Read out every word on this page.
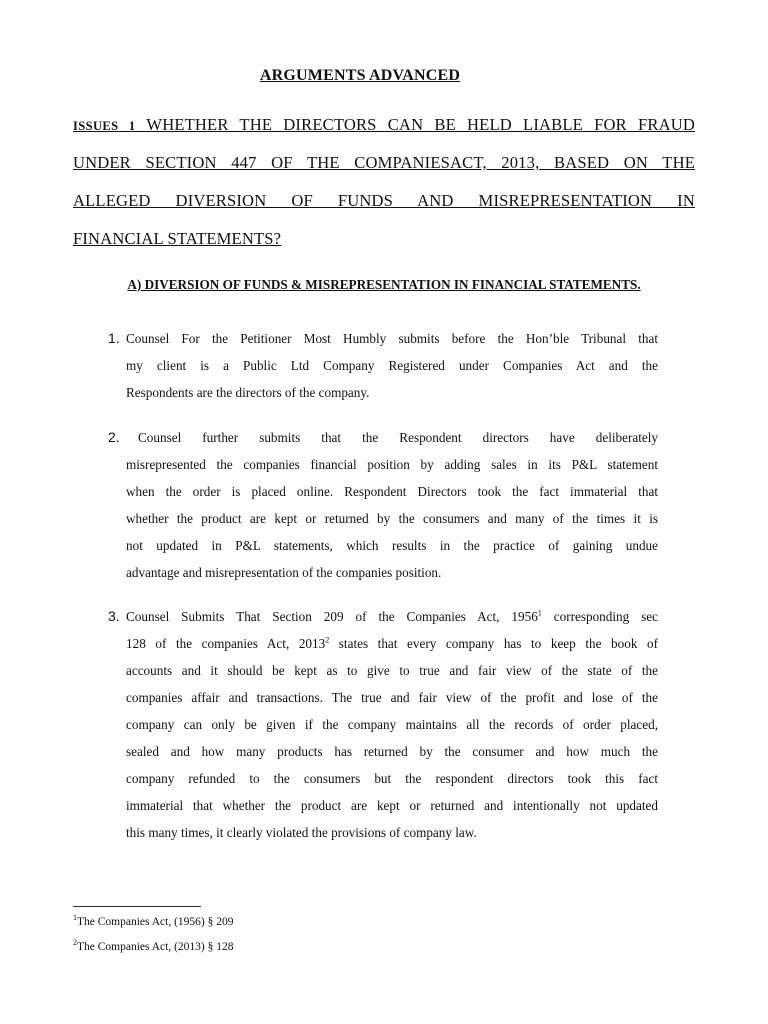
ARGUMENTS ADVANCED
ISSUES 1 WHETHER THE DIRECTORS CAN BE HELD LIABLE FOR FRAUD
UNDER SECTION 447 OF THE COMPANIESACT, 2013, BASED ON THE
ALLEGED DIVERSION OF FUNDS AND MISREPRESENTATION IN
FINANCIAL STATEMENTS?
A) DIVERSION OF FUNDS & MISREPRESENTATION IN FINANCIAL STATEMENTS.
1. Counsel For the Petitioner Most Humbly submits before the Hon’ble Tribunal that
my client is a Public Ltd Company Registered under Companies Act and the
Respondents are the directors of the company.
2. Counsel further submits that the Respondent directors have deliberately
misrepresented the companies financial position by adding sales in its P&L statement
when the order is placed online. Respondent Directors took the fact immaterial that
whether the product are kept or returned by the consumers and many of the times it is
not updated in P&L statements, which results in the practice of gaining undue
advantage and misrepresentation of the companies position.
3. Counsel Submits That Section 209 of the Companies Act, 1956$^1$ corresponding sec
128 of the companies Act, 2013$^2$ states that every company has to keep the book of
accounts and it should be kept as to give to true and fair view of the state of the
companies affair and transactions. The true and fair view of the profit and lose of the
company can only be given if the company maintains all the records of order placed,
sealed and how many products has returned by the consumer and how much the
company refunded to the consumers but the respondent directors took this fact
immaterial that whether the product are kept or returned and intentionally not updated
this many times, it clearly violated the provisions of company law.
$^1$The Companies Act, (1956) § 209
$^2$The Companies Act, (2013) § 128
